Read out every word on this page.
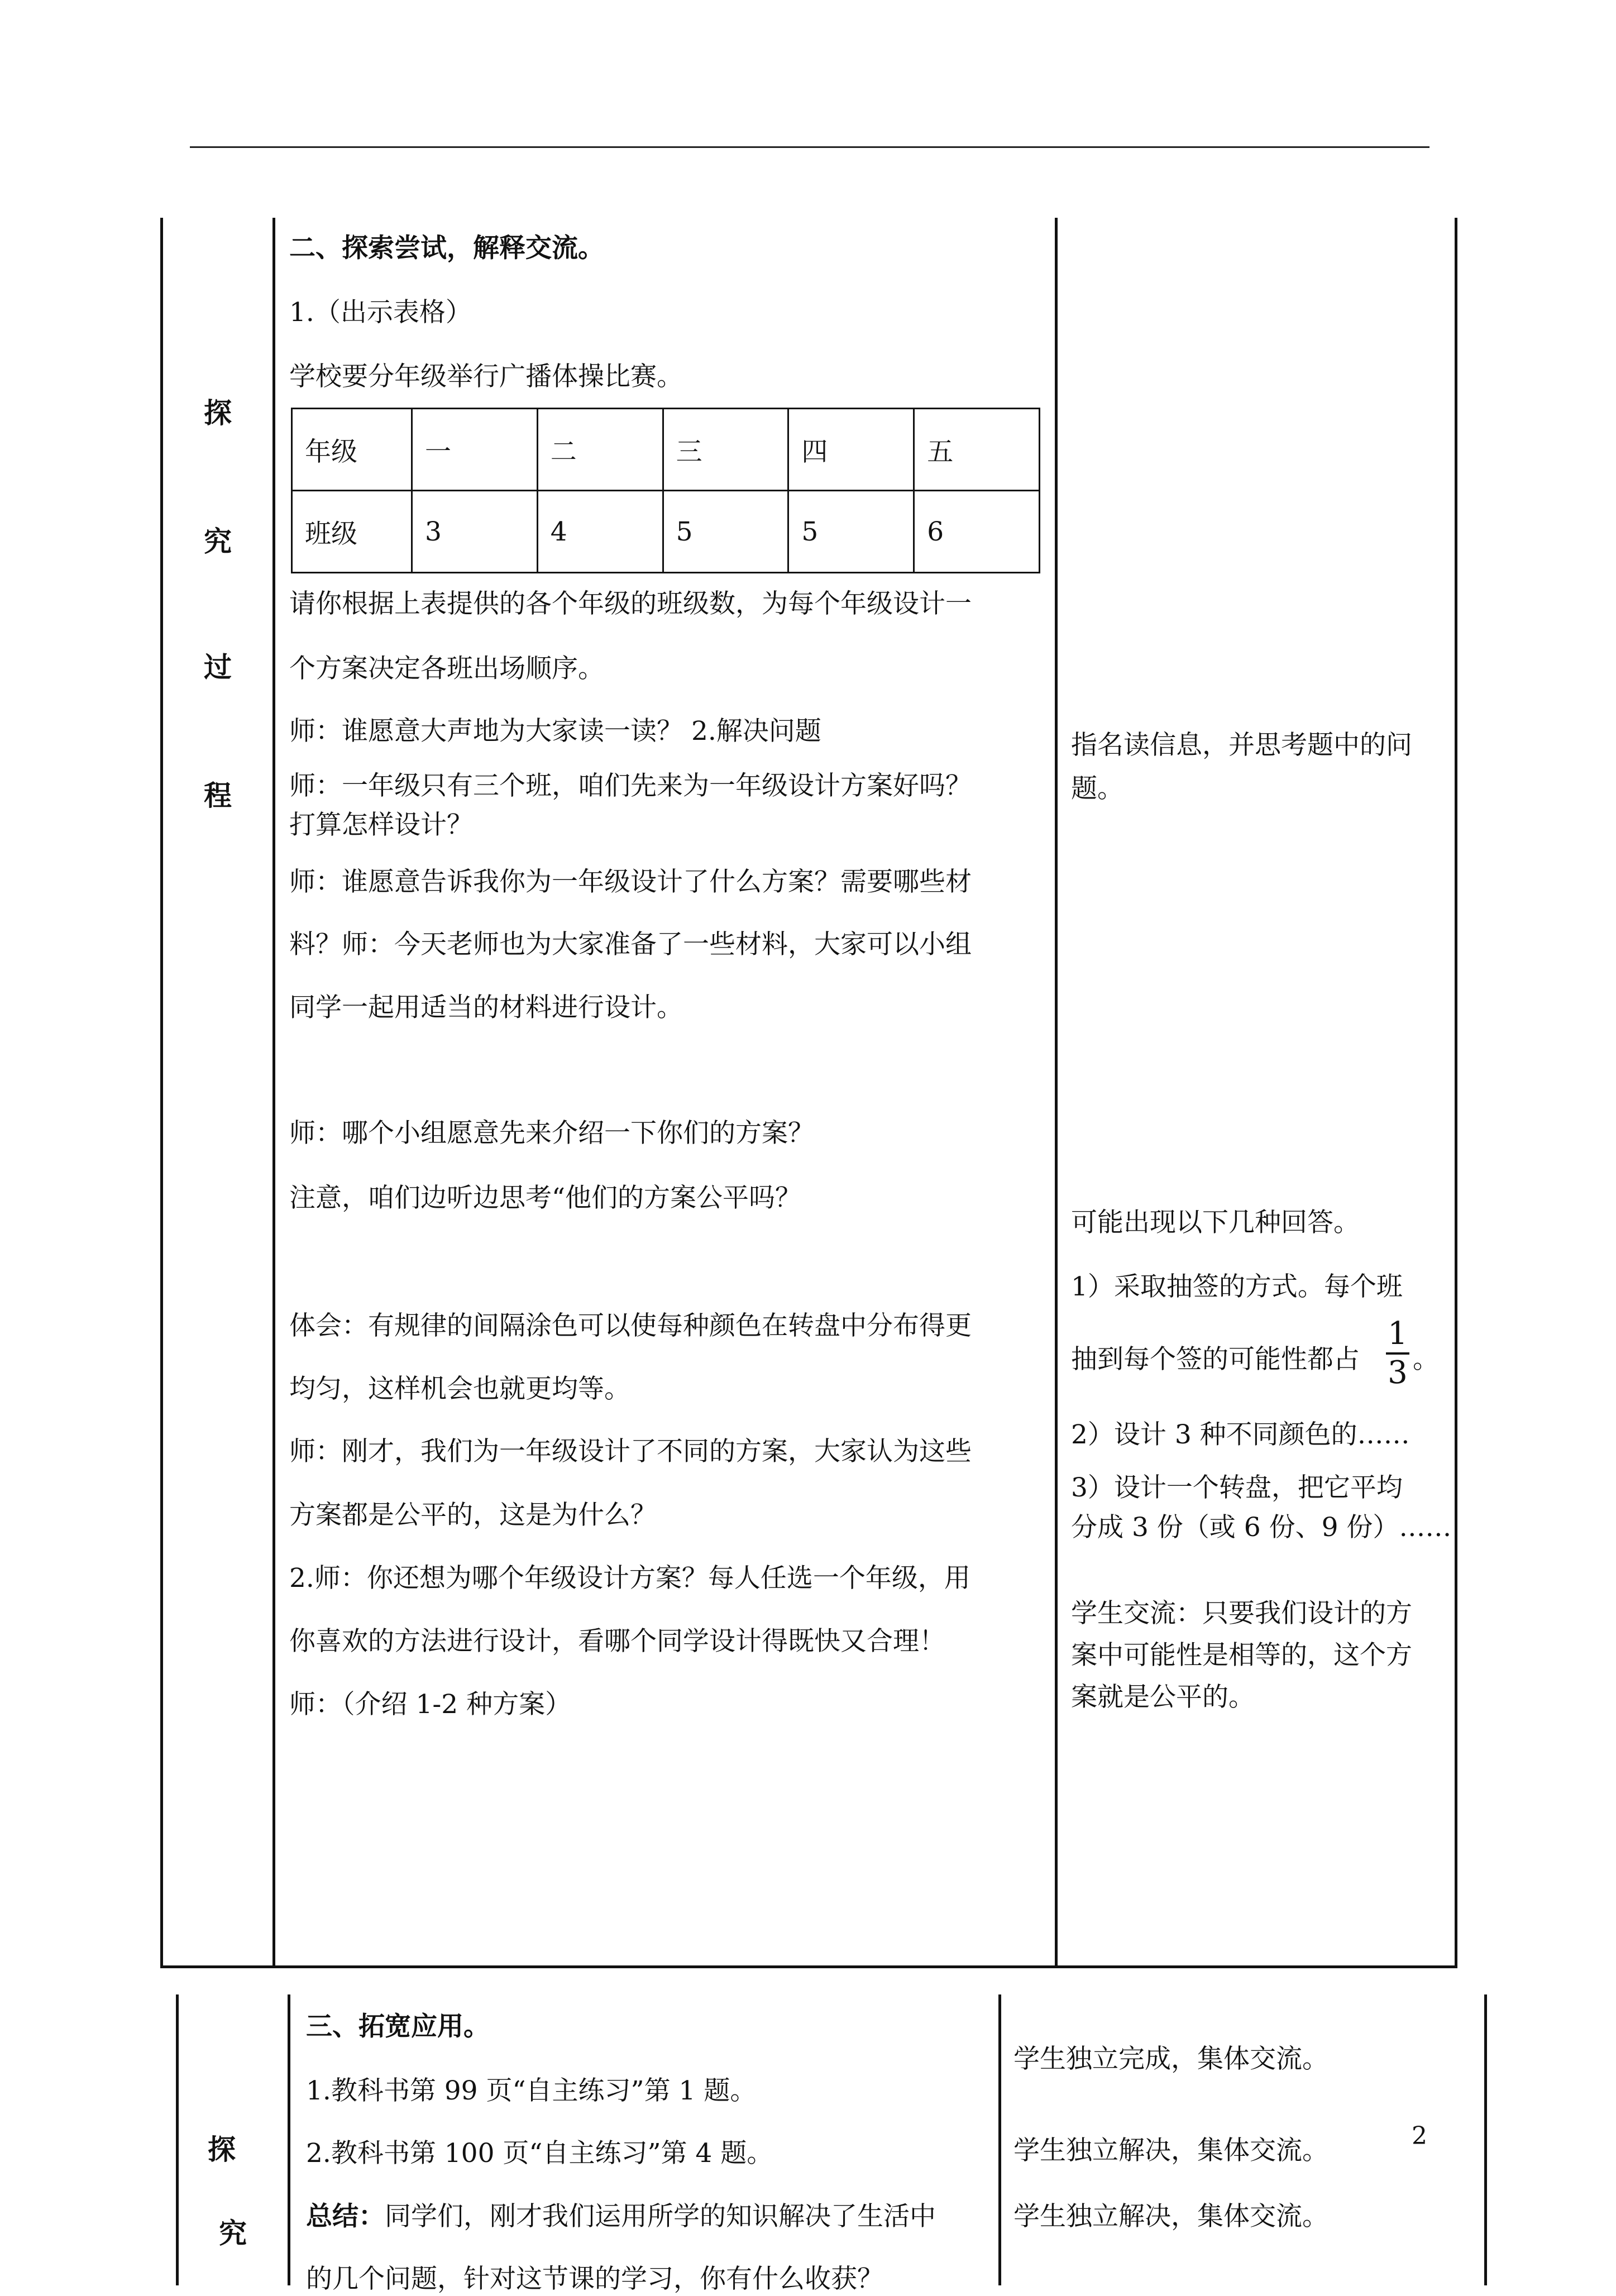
探
究
过
程
二、探索尝试，解释交流。
1.（出示表格）
学校要分年级举行广播体操比赛。
年级	一	二	三	四	五
班级	3	4	5	5	6
请你根据上表提供的各个年级的班级数，为每个年级设计一
个方案决定各班出场顺序。
师：谁愿意大声地为大家读一读？ 2.解决问题
师：一年级只有三个班，咱们先来为一年级设计方案好吗？
打算怎样设计？
师：谁愿意告诉我你为一年级设计了什么方案？需要哪些材
料？师：今天老师也为大家准备了一些材料，大家可以小组
同学一起用适当的材料进行设计。
师：哪个小组愿意先来介绍一下你们的方案？
注意，咱们边听边思考“他们的方案公平吗？
体会：有规律的间隔涂色可以使每种颜色在转盘中分布得更
均匀，这样机会也就更均等。
师：刚才，我们为一年级设计了不同的方案，大家认为这些
方案都是公平的，这是为什么？
2.师：你还想为哪个年级设计方案？每人任选一个年级，用
你喜欢的方法进行设计，看哪个同学设计得既快又合理！
师：（介绍 1-2 种方案）
指名读信息，并思考题中的问
题。
可能出现以下几种回答。
1）采取抽签的方式。每个班
抽到每个签的可能性都占
1
3 。
2）设计 3 种不同颜色的……
3）设计一个转盘，把它平均
分成 3 份（或 6 份、9 份）……
学生交流：只要我们设计的方
案中可能性是相等的，这个方
案就是公平的。
探
究
三、拓宽应用。
1.教科书第 99 页“自主练习”第 1 题。
2.教科书第 100 页“自主练习”第 4 题。
总结：同学们，刚才我们运用所学的知识解决了生活中
的几个问题，针对这节课的学习，你有什么收获？
学生独立完成，集体交流。
学生独立解决，集体交流。
学生独立解决，集体交流。
2
